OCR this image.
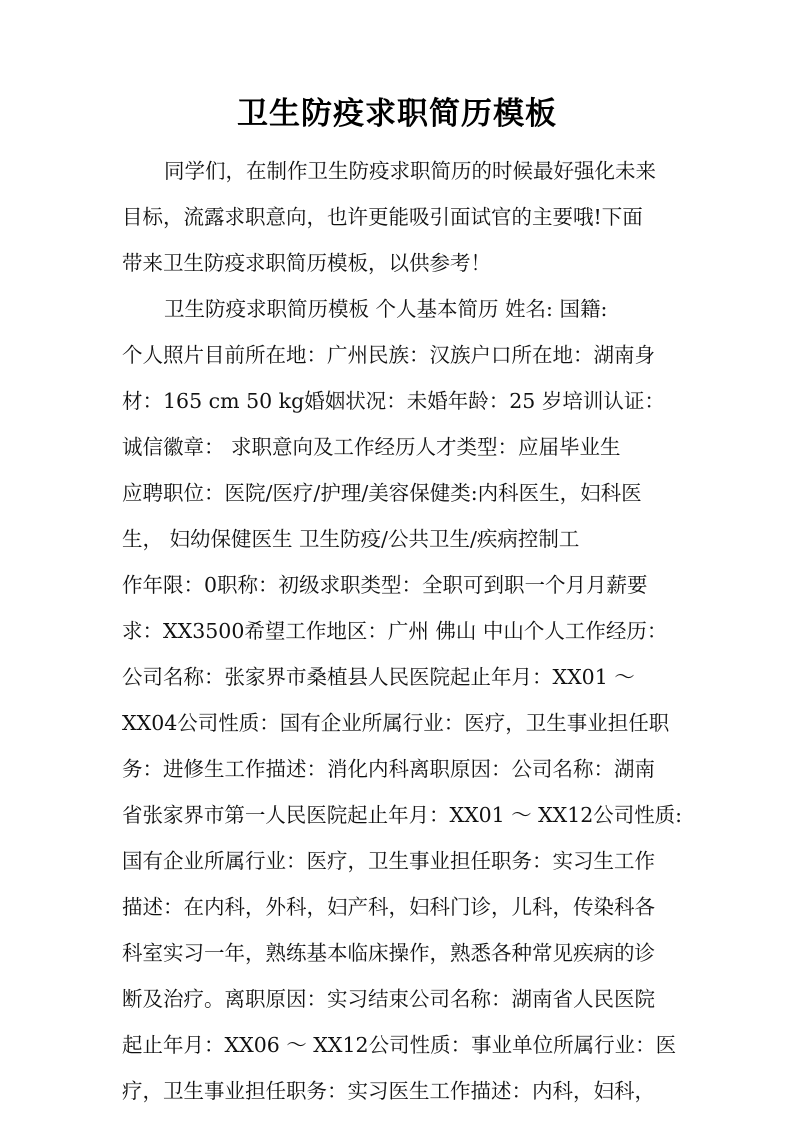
卫生防疫求职简历模板
同学们，在制作卫生防疫求职简历的时候最好强化未来
目标，流露求职意向，也许更能吸引面试官的主要哦!下面
带来卫生防疫求职简历模板，以供参考！
卫生防疫求职简历模板 个人基本简历 姓名: 国籍:
个人照片目前所在地：广州民族：汉族户口所在地：湖南身
材：165 cm 50 kg婚姻状况：未婚年龄：25 岁培训认证：
诚信徽章： 求职意向及工作经历人才类型：应届毕业生
应聘职位：医院/医疗/护理/美容保健类:内科医生，妇科医
生， 妇幼保健医生 卫生防疫/公共卫生/疾病控制工
作年限：0职称：初级求职类型：全职可到职一个月月薪要
求：XX3500希望工作地区：广州 佛山 中山个人工作经历：
公司名称：张家界市桑植县人民医院起止年月：XX01 ～
XX04公司性质：国有企业所属行业：医疗，卫生事业担任职
务：进修生工作描述：消化内科离职原因：公司名称：湖南
省张家界市第一人民医院起止年月：XX01 ～ XX12公司性质:
国有企业所属行业：医疗，卫生事业担任职务：实习生工作
描述：在内科，外科，妇产科，妇科门诊，儿科，传染科各
科室实习一年，熟练基本临床操作，熟悉各种常见疾病的诊
断及治疗。离职原因：实习结束公司名称：湖南省人民医院
起止年月：XX06 ～ XX12公司性质：事业单位所属行业：医
疗，卫生事业担任职务：实习医生工作描述：内科，妇科，
